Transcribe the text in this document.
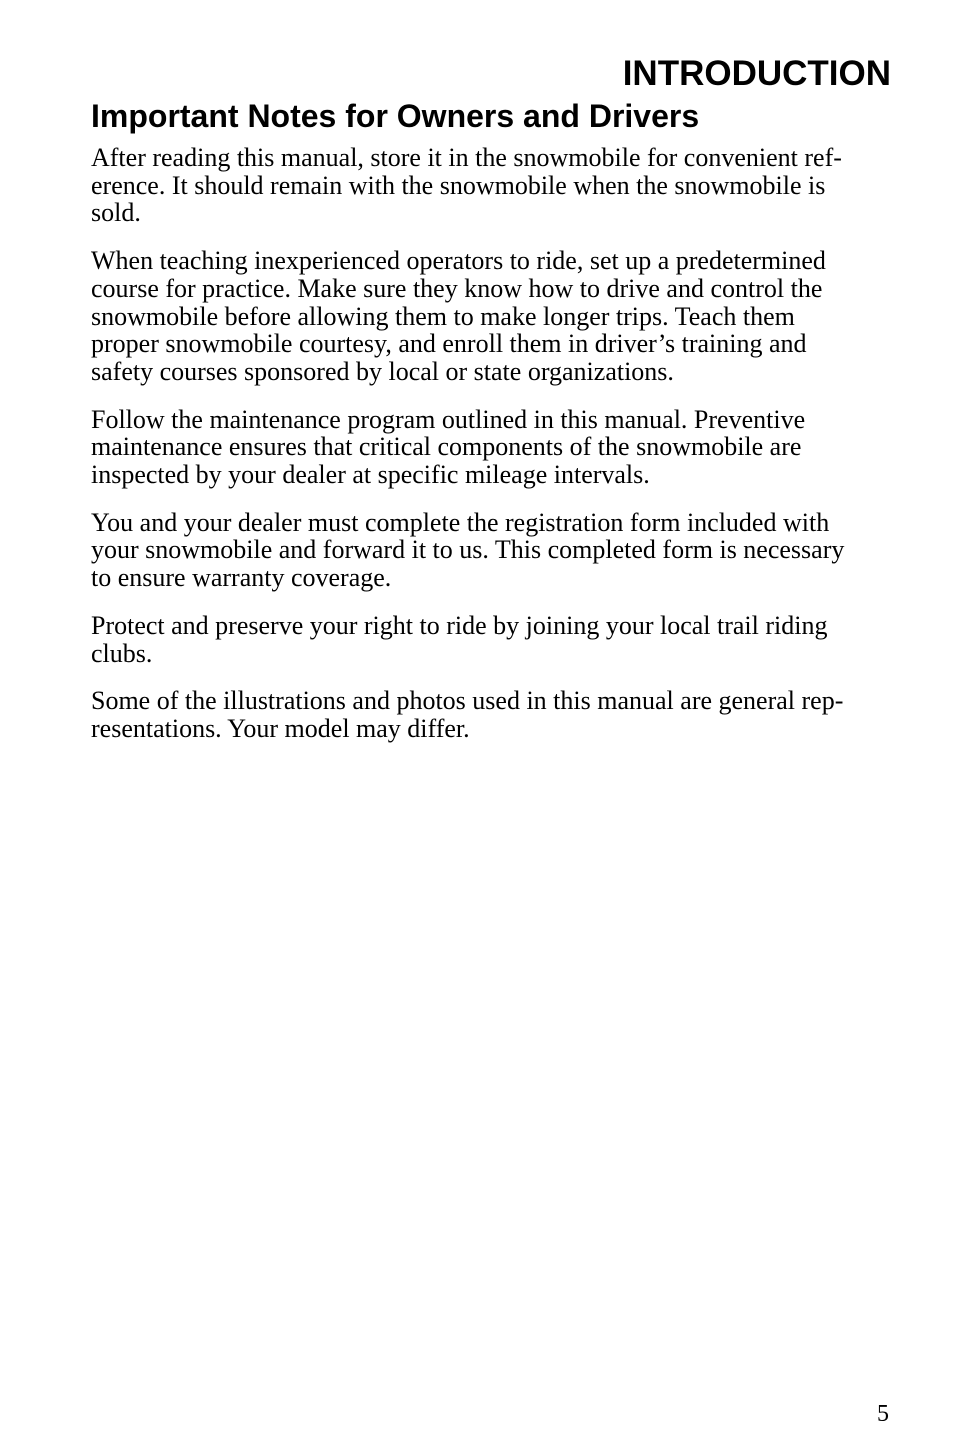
INTRODUCTION
Important Notes for Owners and Drivers

After reading this manual, store it in the snowmobile for convenient ref-
erence. It should remain with the snowmobile when the snowmobile is
sold.

When teaching inexperienced operators to ride, set up a predetermined
course for practice. Make sure they know how to drive and control the
snowmobile before allowing them to make longer trips. Teach them
proper snowmobile courtesy, and enroll them in driver’s training and
safety courses sponsored by local or state organizations.

Follow the maintenance program outlined in this manual. Preventive
maintenance ensures that critical components of the snowmobile are
inspected by your dealer at specific mileage intervals.

You and your dealer must complete the registration form included with
your snowmobile and forward it to us. This completed form is necessary
to ensure warranty coverage.

Protect and preserve your right to ride by joining your local trail riding
clubs.

Some of the illustrations and photos used in this manual are general rep-
resentations. Your model may differ.

5
